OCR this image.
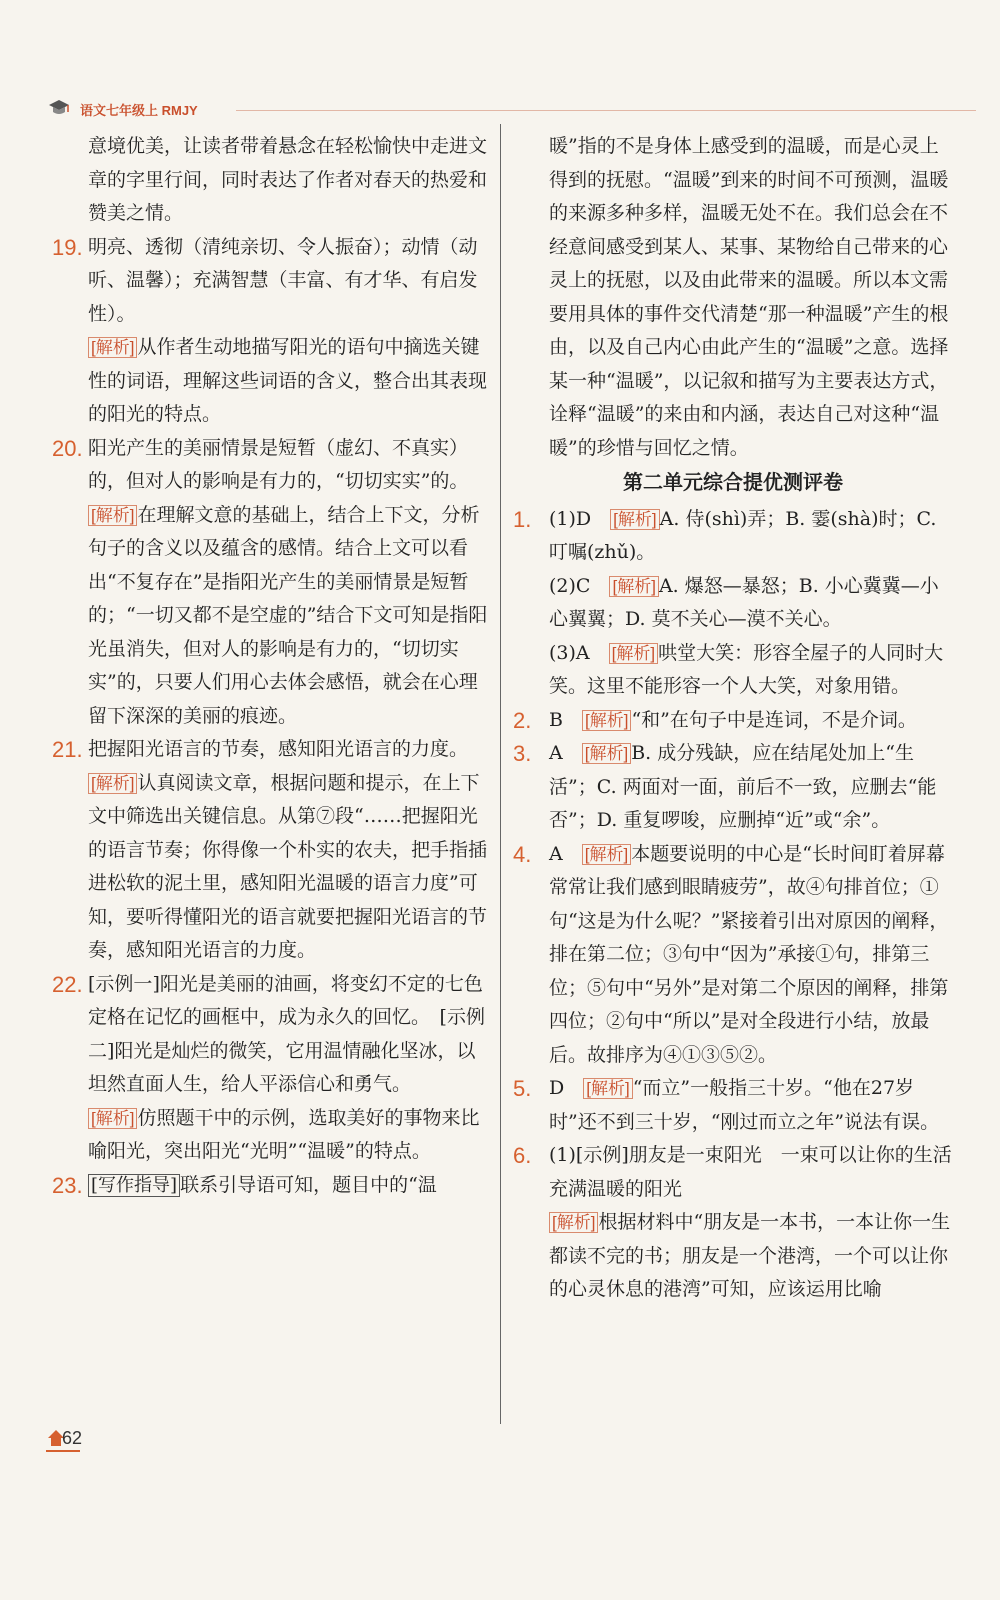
语文七年级上 RMJY

意境优美，让读者带着悬念在轻松愉快中走进文章的字里行间，同时表达了作者对春天的热爱和赞美之情。

19. 明亮、透彻（清纯亲切、令人振奋）；动情（动听、温馨）；充满智慧（丰富、有才华、有启发性）。

[解析] 从作者生动地描写阳光的语句中摘选关键性的词语，理解这些词语的含义，整合出其表现的阳光的特点。

20. 阳光产生的美丽情景是短暂（虚幻、不真实）的，但对人的影响是有力的，“切切实实”的。

[解析] 在理解文意的基础上，结合上下文，分析句子的含义以及蕴含的感情。结合上文可以看出“不复存在”是指阳光产生的美丽情景是短暂的；“一切又都不是空虚的”结合下文可知是指阳光虽消失，但对人的影响是有力的，“切切实实”的，只要人们用心去体会感悟，就会在心理留下深深的美丽的痕迹。

21. 把握阳光语言的节奏，感知阳光语言的力度。

[解析] 认真阅读文章，根据问题和提示，在上下文中筛选出关键信息。从第⑦段“……把握阳光的语言节奏；你得像一个朴实的农夫，把手指插进松软的泥土里，感知阳光温暖的语言力度”可知，要听得懂阳光的语言就要把握阳光语言的节奏，感知阳光语言的力度。

22. [示例一]阳光是美丽的油画，将变幻不定的七色定格在记忆的画框中，成为永久的回忆。　[示例二]阳光是灿烂的微笑，它用温情融化坚冰，以坦然直面人生，给人平添信心和勇气。

[解析] 仿照题干中的示例，选取美好的事物来比喻阳光，突出阳光“光明”“温暖”的特点。

23. [写作指导] 联系引导语可知，题目中的“温

暖”指的不是身体上感受到的温暖，而是心灵上得到的抚慰。“温暖”到来的时间不可预测，温暖的来源多种多样，温暖无处不在。我们总会在不经意间感受到某人、某事、某物给自己带来的心灵上的抚慰，以及由此带来的温暖。所以本文需要用具体的事件交代清楚“那一种温暖”产生的根由，以及自己内心由此产生的“温暖”之意。选择某一种“温暖”，以记叙和描写为主要表达方式，诠释“温暖”的来由和内涵，表达自己对这种“温暖”的珍惜与回忆之情。

第二单元综合提优测评卷

1. (1)D　 [解析] A. 侍(shì)弄；B. 霎(shà)时；C. 叮嘱(zhǔ)。

(2)C　 [解析] A. 爆怒—暴怒；B. 小心冀冀—小心翼翼；D. 莫不关心—漠不关心。

(3)A　 [解析] 哄堂大笑：形容全屋子的人同时大笑。这里不能形容一个人大笑，对象用错。

2. B　 [解析] “和”在句子中是连词，不是介词。

3. A　 [解析] B. 成分残缺，应在结尾处加上“生活”；C. 两面对一面，前后不一致，应删去“能否”；D. 重复啰唆，应删掉“近”或“余”。

4. A　 [解析] 本题要说明的中心是“长时间盯着屏幕常常让我们感到眼睛疲劳”，故④句排首位；①句“这是为什么呢？”紧接着引出对原因的阐释，排在第二位；③句中“因为”承接①句，排第三位；⑤句中“另外”是对第二个原因的阐释，排第四位；②句中“所以”是对全段进行小结，放最后。故排序为④①③⑤②。

5. D　 [解析] “而立”一般指三十岁。“他在27岁时”还不到三十岁，“刚过而立之年”说法有误。

6. (1)[示例]朋友是一束阳光　一束可以让你的生活充满温暖的阳光

[解析] 根据材料中“朋友是一本书，一本让你一生都读不完的书；朋友是一个港湾，一个可以让你的心灵休息的港湾”可知，应该运用比喻

62
